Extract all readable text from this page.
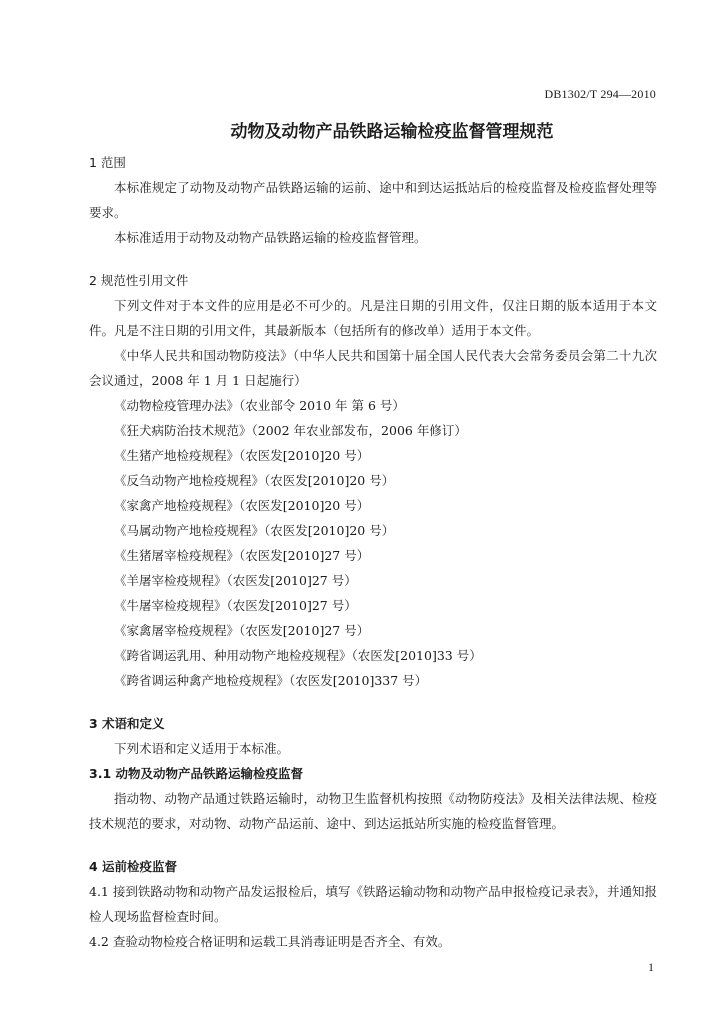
DB1302/T 294—2010
动物及动物产品铁路运输检疫监督管理规范
1 范围

本标准规定了动物及动物产品铁路运输的运前、途中和到达运抵站后的检疫监督及检疫监督处理等要求。

本标准适用于动物及动物产品铁路运输的检疫监督管理。

2 规范性引用文件

下列文件对于本文件的应用是必不可少的。凡是注日期的引用文件，仅注日期的版本适用于本文件。凡是不注日期的引用文件，其最新版本（包括所有的修改单）适用于本文件。

《中华人民共和国动物防疫法》（中华人民共和国第十届全国人民代表大会常务委员会第二十九次会议通过，2008 年 1 月 1 日起施行）

《动物检疫管理办法》（农业部令 2010 年 第 6 号）
《狂犬病防治技术规范》（2002 年农业部发布，2006 年修订）
《生猪产地检疫规程》（农医发[2010]20 号）
《反刍动物产地检疫规程》（农医发[2010]20 号）
《家禽产地检疫规程》（农医发[2010]20 号）
《马属动物产地检疫规程》（农医发[2010]20 号）
《生猪屠宰检疫规程》（农医发[2010]27 号）
《羊屠宰检疫规程》（农医发[2010]27 号）
《牛屠宰检疫规程》（农医发[2010]27 号）
《家禽屠宰检疫规程》（农医发[2010]27 号）
《跨省调运乳用、种用动物产地检疫规程》（农医发[2010]33 号）
《跨省调运种禽产地检疫规程》（农医发[2010]337 号）
3 术语和定义

下列术语和定义适用于本标准。

3.1 动物及动物产品铁路运输检疫监督

指动物、动物产品通过铁路运输时，动物卫生监督机构按照《动物防疫法》及相关法律法规、检疫技术规范的要求，对动物、动物产品运前、途中、到达运抵站所实施的检疫监督管理。

4 运前检疫监督

4.1 接到铁路动物和动物产品发运报检后，填写《铁路运输动物和动物产品申报检疫记录表》，并通知报检人现场监督检查时间。

4.2 查验动物检疫合格证明和运载工具消毒证明是否齐全、有效。

1
